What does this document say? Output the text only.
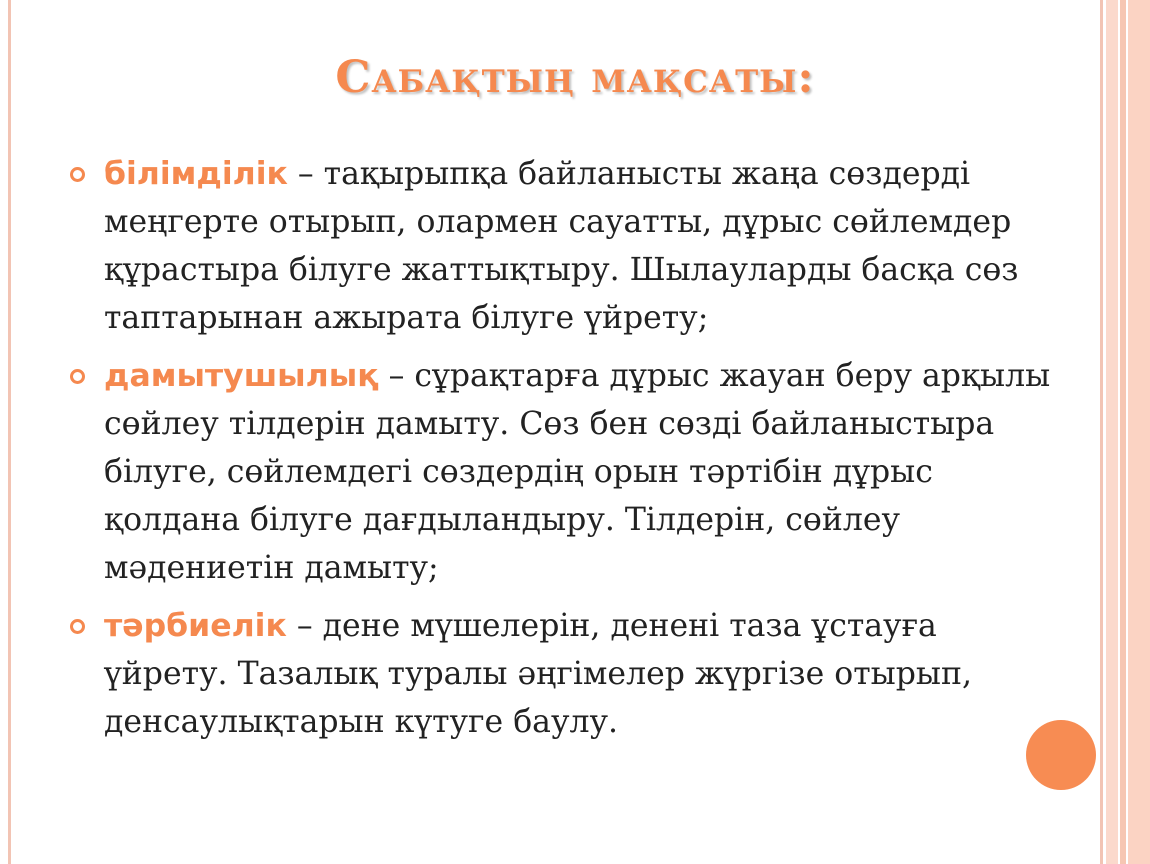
Сабақтың мақсаты:
білімділік – тақырыпқа байланысты жаңа сөздерді меңгерте отырып, олармен сауатты, дұрыс сөйлемдер құрастыра білуге жаттықтыру. Шылауларды басқа сөз таптарынан ажырата білуге үйрету;
дамытушылық – сұрақтарға дұрыс жауан беру арқылы сөйлеу тілдерін дамыту. Сөз бен сөзді байланыстыра білуге, сөйлемдегі сөздердің орын тәртібін дұрыс қолдана білуге дағдыландыру. Тілдерін, сөйлеу мәдениетін дамыту;
тәрбиелік – дене мүшелерін, денені таза ұстауға үйрету. Тазалық туралы әңгімелер жүргізе отырып, денсаулықтарын күтуге баулу.
